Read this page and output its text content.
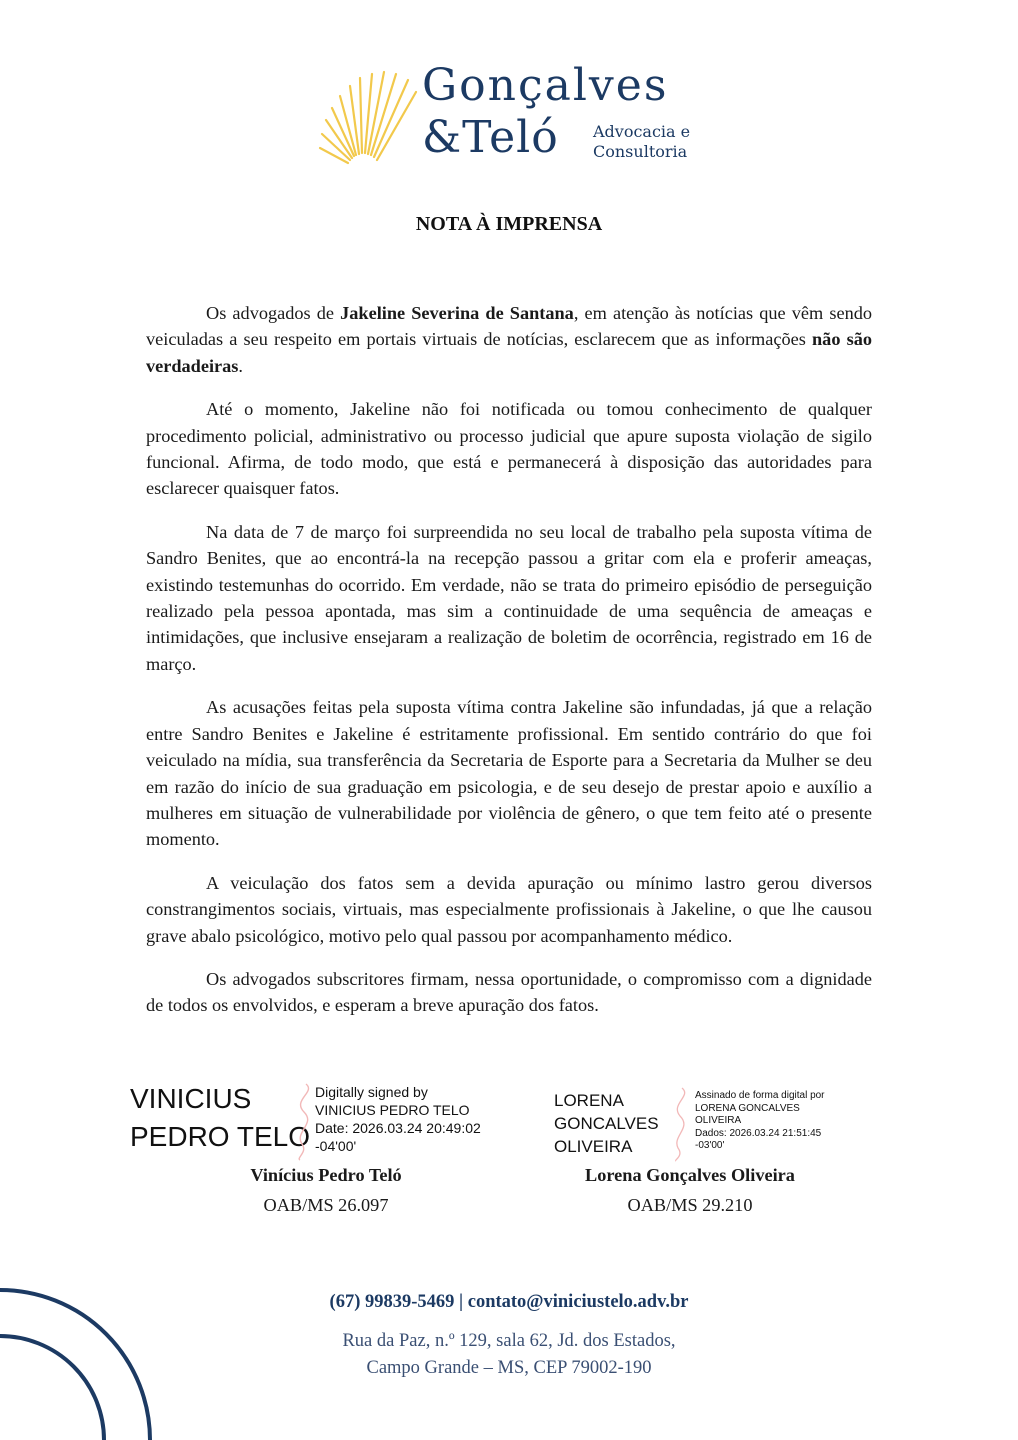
Gonçalves
&Teló Advocacia e
Consultoria
NOTA À IMPRENSA

Os advogados de Jakeline Severina de Santana, em atenção às notícias que vêm sendo veiculadas a seu respeito em portais virtuais de notícias, esclarecem que as informações não são verdadeiras.

Até o momento, Jakeline não foi notificada ou tomou conhecimento de qualquer procedimento policial, administrativo ou processo judicial que apure suposta violação de sigilo funcional. Afirma, de todo modo, que está e permanecerá à disposição das autoridades para esclarecer quaisquer fatos.

Na data de 7 de março foi surpreendida no seu local de trabalho pela suposta vítima de Sandro Benites, que ao encontrá-la na recepção passou a gritar com ela e proferir ameaças, existindo testemunhas do ocorrido. Em verdade, não se trata do primeiro episódio de perseguição realizado pela pessoa apontada, mas sim a continuidade de uma sequência de ameaças e intimidações, que inclusive ensejaram a realização de boletim de ocorrência, registrado em 16 de março.

As acusações feitas pela suposta vítima contra Jakeline são infundadas, já que a relação entre Sandro Benites e Jakeline é estritamente profissional. Em sentido contrário do que foi veiculado na mídia, sua transferência da Secretaria de Esporte para a Secretaria da Mulher se deu em razão do início de sua graduação em psicologia, e de seu desejo de prestar apoio e auxílio a mulheres em situação de vulnerabilidade por violência de gênero, o que tem feito até o presente momento.

A veiculação dos fatos sem a devida apuração ou mínimo lastro gerou diversos constrangimentos sociais, virtuais, mas especialmente profissionais à Jakeline, o que lhe causou grave abalo psicológico, motivo pelo qual passou por acompanhamento médico.

Os advogados subscritores firmam, nessa oportunidade, o compromisso com a dignidade de todos os envolvidos, e esperam a breve apuração dos fatos.

VINICIUS
PEDRO TELO
Digitally signed by
VINICIUS PEDRO TELO
Date: 2026.03.24 20:49:02
-04'00'
LORENA
GONCALVES
OLIVEIRA
Assinado de forma digital por
LORENA GONCALVES
OLIVEIRA
Dados: 2026.03.24 21:51:45
-03'00'
Vinícius Pedro Teló
OAB/MS 26.097
Lorena Gonçalves Oliveira
OAB/MS 29.210
(67) 99839-5469 | contato@viniciustelo.adv.br
Rua da Paz, n.º 129, sala 62, Jd. dos Estados,
Campo Grande – MS, CEP 79002-190
